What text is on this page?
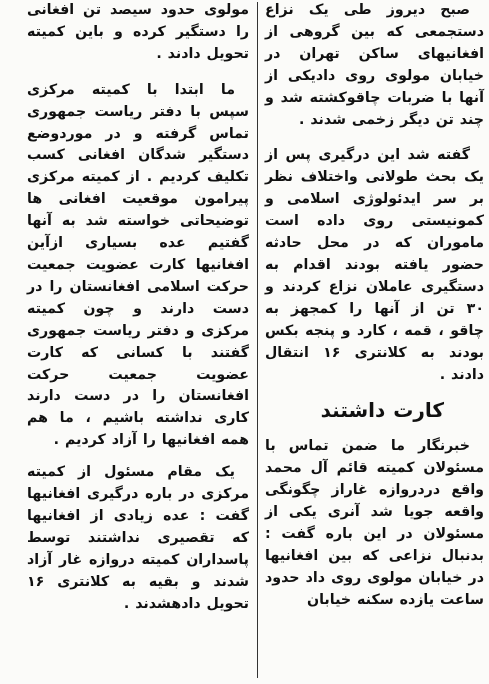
صبح دیروز طی یک نزاع دستجمعی که بین گروهی از افغانیهای ساکن تهران در خیابان مولوی روی دادیکی از آنها با ضربات چاقوکشته شد و چند تن دیگر زخمی شدند .

گفته شد این درگیری پس از یک بحث طولانی واختلاف نظر بر سر ایدئولوژی اسلامی و کمونیستی روی داده است ماموران که در محل حادثه حضور یافته بودند اقدام به دستگیری عاملان نزاع کردند و ۳۰ تن از آنها را کمجهز به چاقو ، قمه ، کارد و پنجه بکس بودند به کلانتری ۱۶ انتقال دادند .

کارت داشتند

خبرنگار ما ضمن تماس با مسئولان کمیته قائم آل محمد واقع دردروازه غاراز چگونگی واقعه جویا شد آنری یکی از مسئولان در این باره گفت : بدنبال نزاعی که بین افغانیها در خیابان مولوی روی داد حدود ساعت یازده سکنه خیابان

مولوی حدود سیصد تن افغانی را دستگیر کرده و باین کمیته تحویل دادند .

ما ابتدا با کمیته مرکزی سپس با دفتر ریاست جمهوری تماس گرفته و در موردوضع دستگیر شدگان افغانی کسب تکلیف کردیم . از کمیته مرکزی پیرامون موقعیت افغانی ها توضیحاتی خواسته شد به آنها گفتیم عده بسیاری ازآین افغانیها کارت عضویت جمعیت حرکت اسلامی افغانستان را در دست دارند و چون کمیته مرکزی و دفتر ریاست جمهوری گفتند با کسانی که کارت عضویت جمعیت حرکت افغانستان را در دست دارند کاری نداشته باشیم ، ما هم همه افغانیها را آزاد کردیم .

یک مقام مسئول از کمیته مرکزی در باره درگیری افغانیها گفت : عده زیادی از افغانیها که تقصیری نداشتند توسط پاسداران کمیته دروازه غار آزاد شدند و بقیه به کلانتری ۱۶ تحویل دادهشدند .
